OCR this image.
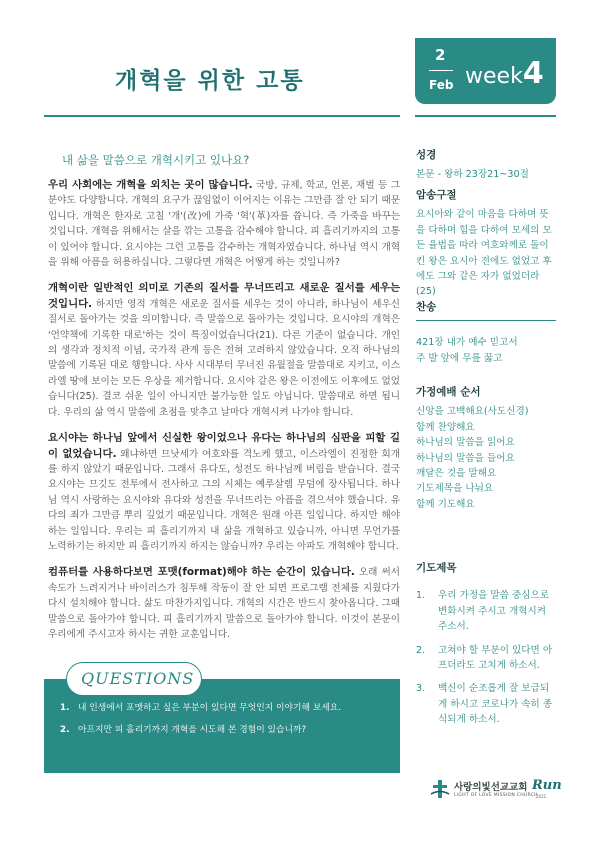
개혁을 위한 고통
2
Feb week4
내 삶을 말씀으로 개혁시키고 있나요?

우리 사회에는 개혁을 외치는 곳이 많습니다. 국방, 규제, 학교, 언론, 재벌 등 그 분야도 다양합니다. 개혁의 요구가 끊임없이 이어지는 이유는 그만큼 잘 안 되기 때문입니다. 개혁은 한자로 고칠 '개'(改)에 가죽 '혁'(革)자를 씁니다. 즉 가죽을 바꾸는 것입니다. 개혁을 위해서는 살을 깎는 고통을 감수해야 합니다. 피 흘리기까지의 고통이 있어야 합니다. 요시야는 그런 고통을 감수하는 개혁자였습니다. 하나님 역시 개혁을 위해 아픔을 허용하십니다. 그렇다면 개혁은 어떻게 하는 것일니까?

개혁이란 일반적인 의미로 기존의 질서를 무너뜨리고 새로운 질서를 세우는 것입니다. 하지만 영적 개혁은 새로운 질서를 세우는 것이 아니라, 하나님이 세우신 질서로 돌아가는 것을 의미합니다. 즉 말씀으로 돌아가는 것입니다. 요시야의 개혁은 '언약책에 기록한 대로'하는 것이 특징이었습니다(21). 다른 기준이 없습니다. 개인의 생각과 정치적 이념, 국가적 관계 등은 전혀 고려하지 않았습니다. 오직 하나님의 말씀에 기록된 대로 행합니다. 사사 시대부터 무너진 유월절을 말씀대로 지키고, 이스라엘 땅에 보이는 모든 우상을 제거합니다. 요시야 같은 왕은 이전에도 이후에도 없었습니다(25). 결코 쉬운 일이 아니지만 불가능한 일도 아닙니다. 말씀대로 하면 됩니다. 우리의 삶 역시 말씀에 초점을 맞추고 날마다 개혁시켜 나가야 합니다.

요시야는 하나님 앞에서 신실한 왕이었으나 유다는 하나님의 심판을 피할 길이 없었습니다. 왜냐하면 므낫세가 여호와를 격노케 했고, 이스라엘이 진정한 회개를 하지 않았기 때문입니다. 그래서 유다도, 성전도 하나님께 버림을 받습니다. 결국 요시야는 므깃도 전투에서 전사하고 그의 시체는 예루살렘 무덤에 장사됩니다. 하나님 역시 사랑하는 요시야와 유다와 성전을 무너뜨리는 아픔을 겪으셔야 했습니다. 유다의 죄가 그만큼 뿌리 깊었기 때문입니다. 개혁은 원래 아픈 일입니다. 하지만 해야 하는 일입니다. 우리는 피 흘리기까지 내 삶을 개혁하고 있습니까, 아니면 무언가를 노력하기는 하지만 피 흘리기까지 하지는 않습니까? 우리는 아파도 개혁해야 합니다.

컴퓨터를 사용하다보면 포맷(format)해야 하는 순간이 있습니다. 오래 써서 속도가 느려지거나 바이러스가 침투해 작동이 잘 안 되면 프로그램 전체를 지웠다가 다시 설치해야 합니다. 삶도 마찬가지입니다. 개혁의 시간은 반드시 찾아옵니다. 그때 말씀으로 돌아가야 합니다. 피 흘리기까지 말씀으로 돌아가야 합니다. 이것이 본문이 우리에게 주시고자 하시는 귀한 교훈입니다.

성경
본문 - 왕하 23장21~30절
암송구절
요시아와 같이 마음을 다하며 뜻을 다하며 힘을 다하여 모세의 모든 율법을 따라 여호와께로 돌이킨 왕은 요시아 전에도 없었고 후에도 그와 같은 자가 없었더라(25)
찬송
421장 내가 예수 믿고서
주 발 앞에 무릎 꿇고
가정예배 순서
신앙을 고백해요(사도신경)
함께 찬양해요
하나님의 말씀을 읽어요
하나님의 말씀을 들어요
깨달은 것을 말해요
기도제목을 나눠요
함께 기도해요
기도제목
1. 우리 가정을 말씀 중심으로 변화시켜 주시고 개혁시켜 주소서.
2. 고쳐야 할 부분이 있다면 아프더라도 고치게 하소서.
3. 백신이 순조롭게 잘 보급되게 하시고 코로나가 속히 종식되게 하소서.
QUESTIONS
1. 내 인생에서 포맷하고 싶은 부분이 있다면 무엇인지 이야기해 보세요.
2. 아프지만 피 흘리기까지 개혁을 시도해 본 경험이 있습니까?
사랑의빛선교교회
LIGHT OF LOVE MISSION CHURCH
Run
2021
